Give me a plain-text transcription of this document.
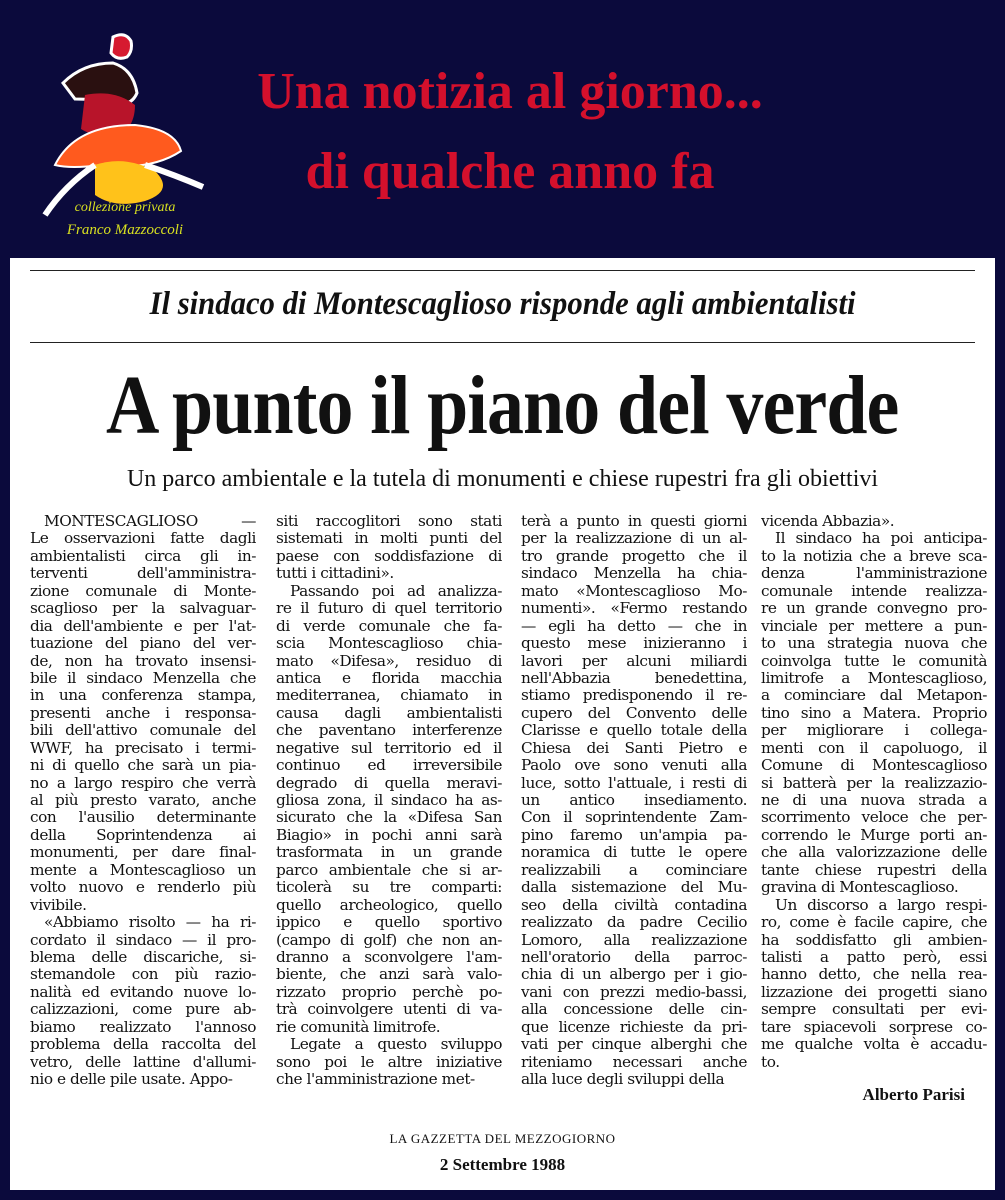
collezione privata
Franco Mazzoccoli
Una notizia al giorno...
di qualche anno fa
Il sindaco di Montescaglioso risponde agli ambientalisti
A punto il piano del verde
Un parco ambientale e la tutela di monumenti e chiese rupestri fra gli obiettivi
MONTESCAGLIOSO —
Le osservazioni fatte dagli
ambientalisti circa gli in-
terventi dell'amministra-
zione comunale di Monte-
scaglioso per la salvaguar-
dia dell'ambiente e per l'at-
tuazione del piano del ver-
de, non ha trovato insensi-
bile il sindaco Menzella che
in una conferenza stampa,
presenti anche i responsa-
bili dell'attivo comunale del
WWF, ha precisato i termi-
ni di quello che sarà un pia-
no a largo respiro che verrà
al più presto varato, anche
con l'ausilio determinante
della Soprintendenza ai
monumenti, per dare final-
mente a Montescaglioso un
volto nuovo e renderlo più
vivibile.
«Abbiamo risolto — ha ri-
cordato il sindaco — il pro-
blema delle discariche, si-
stemandole con più razio-
nalità ed evitando nuove lo-
calizzazioni, come pure ab-
biamo realizzato l'annoso
problema della raccolta del
vetro, delle lattine d'allumi-
nio e delle pile usate. Appo-
siti raccoglitori sono stati
sistemati in molti punti del
paese con soddisfazione di
tutti i cittadini».
Passando poi ad analizza-
re il futuro di quel territorio
di verde comunale che fa-
scia Montescaglioso chia-
mato «Difesa», residuo di
antica e florida macchia
mediterranea, chiamato in
causa dagli ambientalisti
che paventano interferenze
negative sul territorio ed il
continuo ed irreversibile
degrado di quella meravi-
gliosa zona, il sindaco ha as-
sicurato che la «Difesa San
Biagio» in pochi anni sarà
trasformata in un grande
parco ambientale che si ar-
ticolerà su tre comparti:
quello archeologico, quello
ippico e quello sportivo
(campo di golf) che non an-
dranno a sconvolgere l'am-
biente, che anzi sarà valo-
rizzato proprio perchè po-
trà coinvolgere utenti di va-
rie comunità limitrofe.
Legate a questo sviluppo
sono poi le altre iniziative
che l'amministrazione met-
terà a punto in questi giorni
per la realizzazione di un al-
tro grande progetto che il
sindaco Menzella ha chia-
mato «Montescaglioso Mo-
numenti». «Fermo restando
— egli ha detto — che in
questo mese inizieranno i
lavori per alcuni miliardi
nell'Abbazia benedettina,
stiamo predisponendo il re-
cupero del Convento delle
Clarisse e quello totale della
Chiesa dei Santi Pietro e
Paolo ove sono venuti alla
luce, sotto l'attuale, i resti di
un antico insediamento.
Con il soprintendente Zam-
pino faremo un'ampia pa-
noramica di tutte le opere
realizzabili a cominciare
dalla sistemazione del Mu-
seo della civiltà contadina
realizzato da padre Cecilio
Lomoro, alla realizzazione
nell'oratorio della parroc-
chia di un albergo per i gio-
vani con prezzi medio-bassi,
alla concessione delle cin-
que licenze richieste da pri-
vati per cinque alberghi che
riteniamo necessari anche
alla luce degli sviluppi della
vicenda Abbazia».
Il sindaco ha poi anticipa-
to la notizia che a breve sca-
denza l'amministrazione
comunale intende realizza-
re un grande convegno pro-
vinciale per mettere a pun-
to una strategia nuova che
coinvolga tutte le comunità
limitrofe a Montescaglioso,
a cominciare dal Metapon-
tino sino a Matera. Proprio
per migliorare i collega-
menti con il capoluogo, il
Comune di Montescaglioso
si batterà per la realizzazio-
ne di una nuova strada a
scorrimento veloce che per-
correndo le Murge porti an-
che alla valorizzazione delle
tante chiese rupestri della
gravina di Montescaglioso.
Un discorso a largo respi-
ro, come è facile capire, che
ha soddisfatto gli ambien-
talisti a patto però, essi
hanno detto, che nella rea-
lizzazione dei progetti siano
sempre consultati per evi-
tare spiacevoli sorprese co-
me qualche volta è accadu-
to.
Alberto Parisi
LA GAZZETTA DEL MEZZOGIORNO
2 Settembre 1988
